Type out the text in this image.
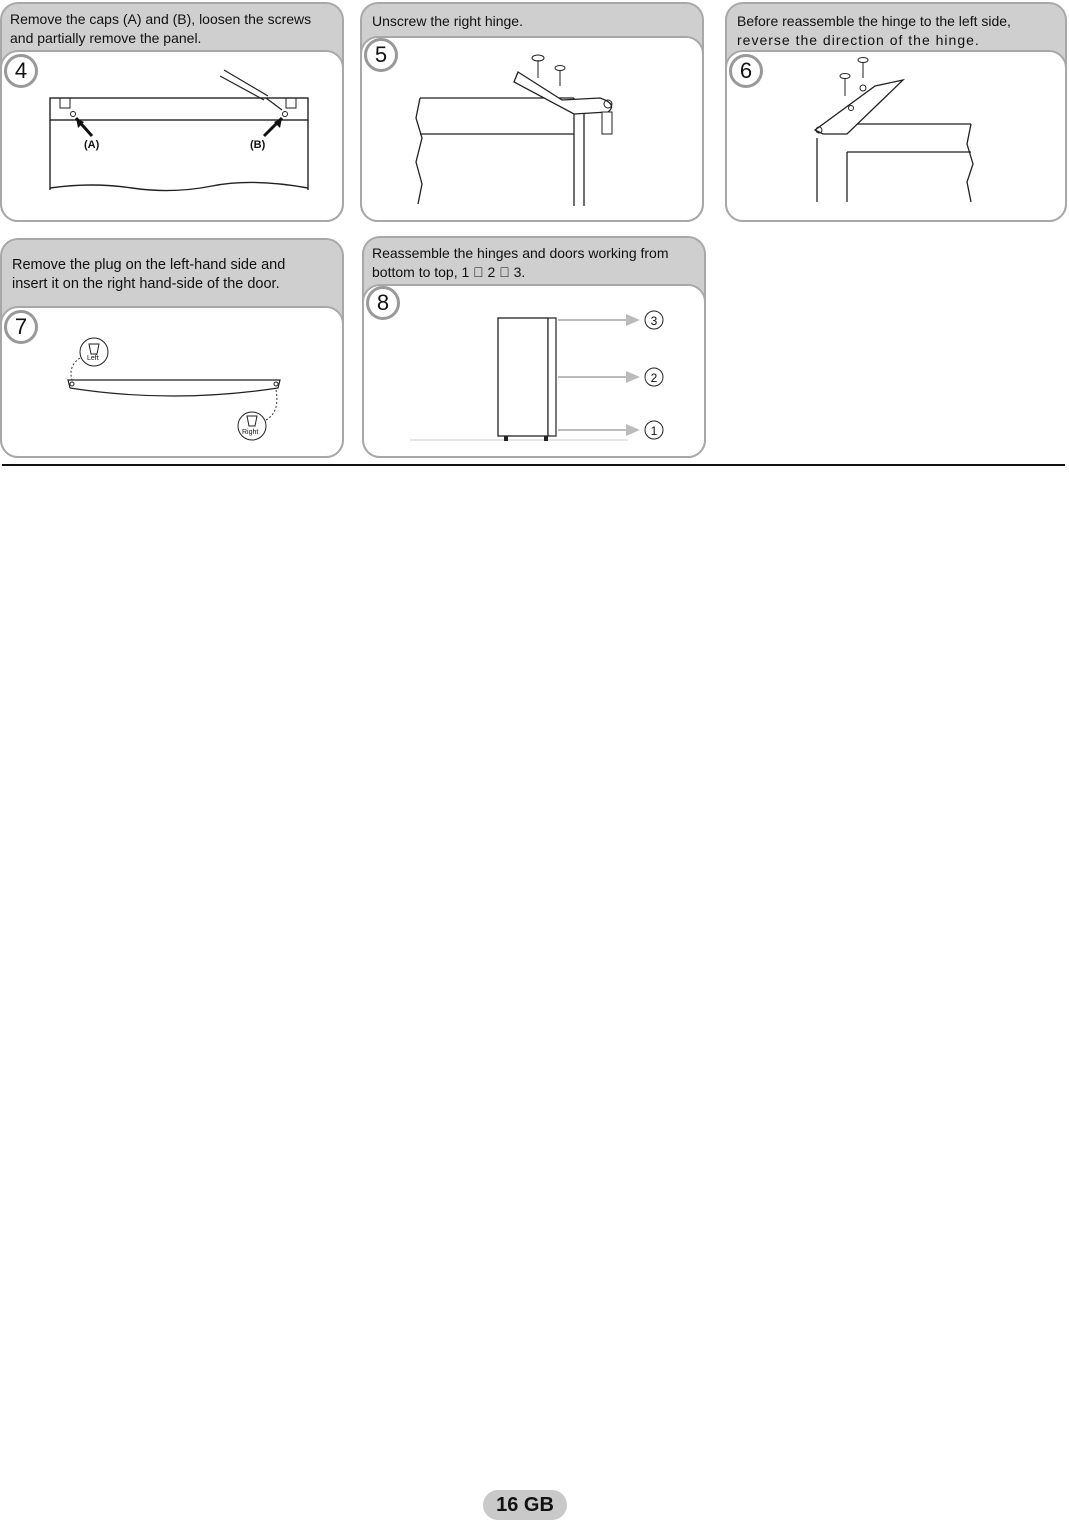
Remove the caps (A) and (B), loosen the screws
and partially remove the panel.
(A)	(B)
4
Unscrew the right hinge.
5
Before reassemble the hinge to the left side,
reverse the direction of the hinge.
6
Remove the plug on the left-hand side and
insert it on the right hand-side of the door.
Left
Right
7
Reassemble the hinges and doors working from
bottom to top, 1   2   3.
3
2
1
8
16 GB
